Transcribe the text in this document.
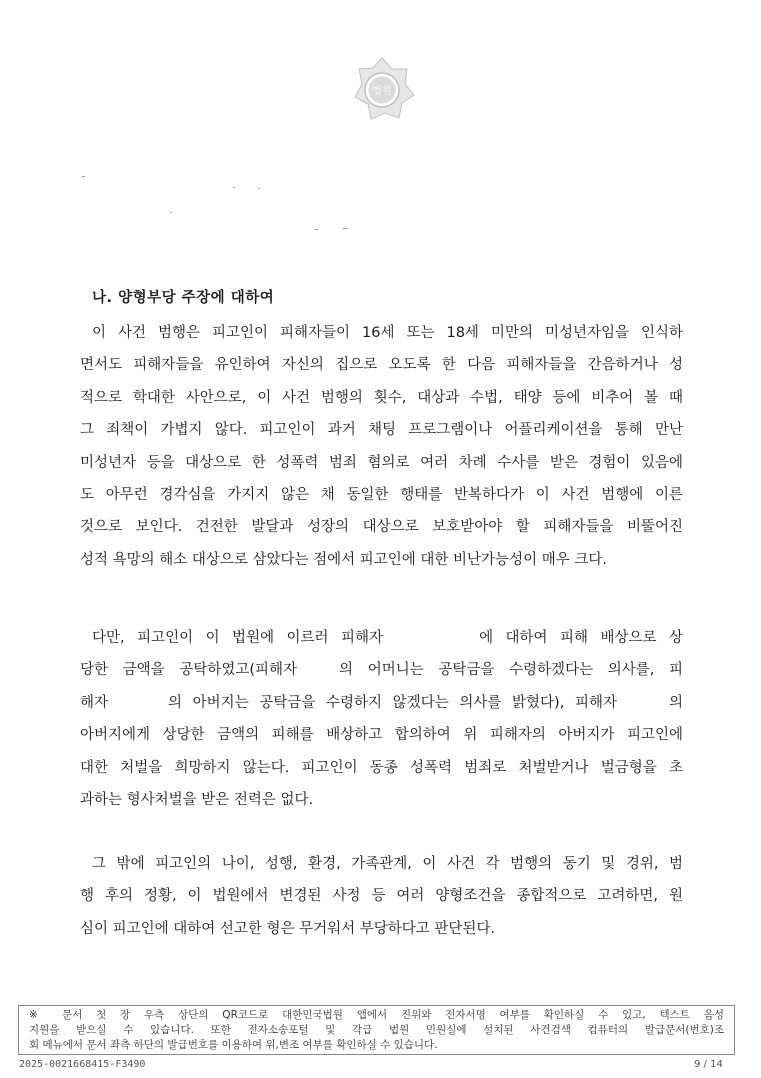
법원
나. 양형부당 주장에 대하여
이 사건 범행은 피고인이 피해자들이 16세 또는 18세 미만의 미성년자임을 인식하
면서도 피해자들을 유인하여 자신의 집으로 오도록 한 다음 피해자들을 간음하거나 성
적으로 학대한 사안으로, 이 사건 범행의 횟수, 대상과 수법, 태양 등에 비추어 볼 때
그 죄책이 가볍지 않다. 피고인이 과거 채팅 프로그램이나 어플리케이션을 통해 만난
미성년자 등을 대상으로 한 성폭력 범죄 혐의로 여러 차례 수사를 받은 경험이 있음에
도 아무런 경각심을 가지지 않은 채 동일한 행태를 반복하다가 이 사건 범행에 이른
것으로 보인다. 건전한 발달과 성장의 대상으로 보호받아야 할 피해자들을 비뚤어진
성적 욕망의 해소 대상으로 삼았다는 점에서 피고인에 대한 비난가능성이 매우 크다.
다만, 피고인이 이 법원에 이르러 피해자	에 대하여 피해 배상으로 상
당한 금액을 공탁하였고(피해자	의 어머니는 공탁금을 수령하겠다는 의사를, 피
해자	의 아버지는 공탁금을 수령하지 않겠다는 의사를 밝혔다), 피해자	의
아버지에게 상당한 금액의 피해를 배상하고 합의하여 위 피해자의 아버지가 피고인에
대한 처벌을 희망하지 않는다. 피고인이 동종 성폭력 범죄로 처벌받거나 벌금형을 초
과하는 형사처벌을 받은 전력은 없다.
그 밖에 피고인의 나이, 성행, 환경, 가족관계, 이 사건 각 범행의 동기 및 경위, 범
행 후의 정황, 이 법원에서 변경된 사정 등 여러 양형조건을 종합적으로 고려하면, 원
심이 피고인에 대하여 선고한 형은 무거워서 부당하다고 판단된다.
※ 문서 첫 장 우측 상단의 QR코드로 대한민국법원 앱에서 진위와 전자서명 여부를 확인하실 수 있고, 텍스트 음성
지원을 받으실 수 있습니다. 또한 전자소송포털 및 각급 법원 민원실에 설치된 사건검색 컴퓨터의 발급문서(번호)조
회 메뉴에서 문서 좌측 하단의 발급번호를 이용하여 위,변조 여부를 확인하실 수 있습니다.
2025-0021668415-F3490	9 / 14
